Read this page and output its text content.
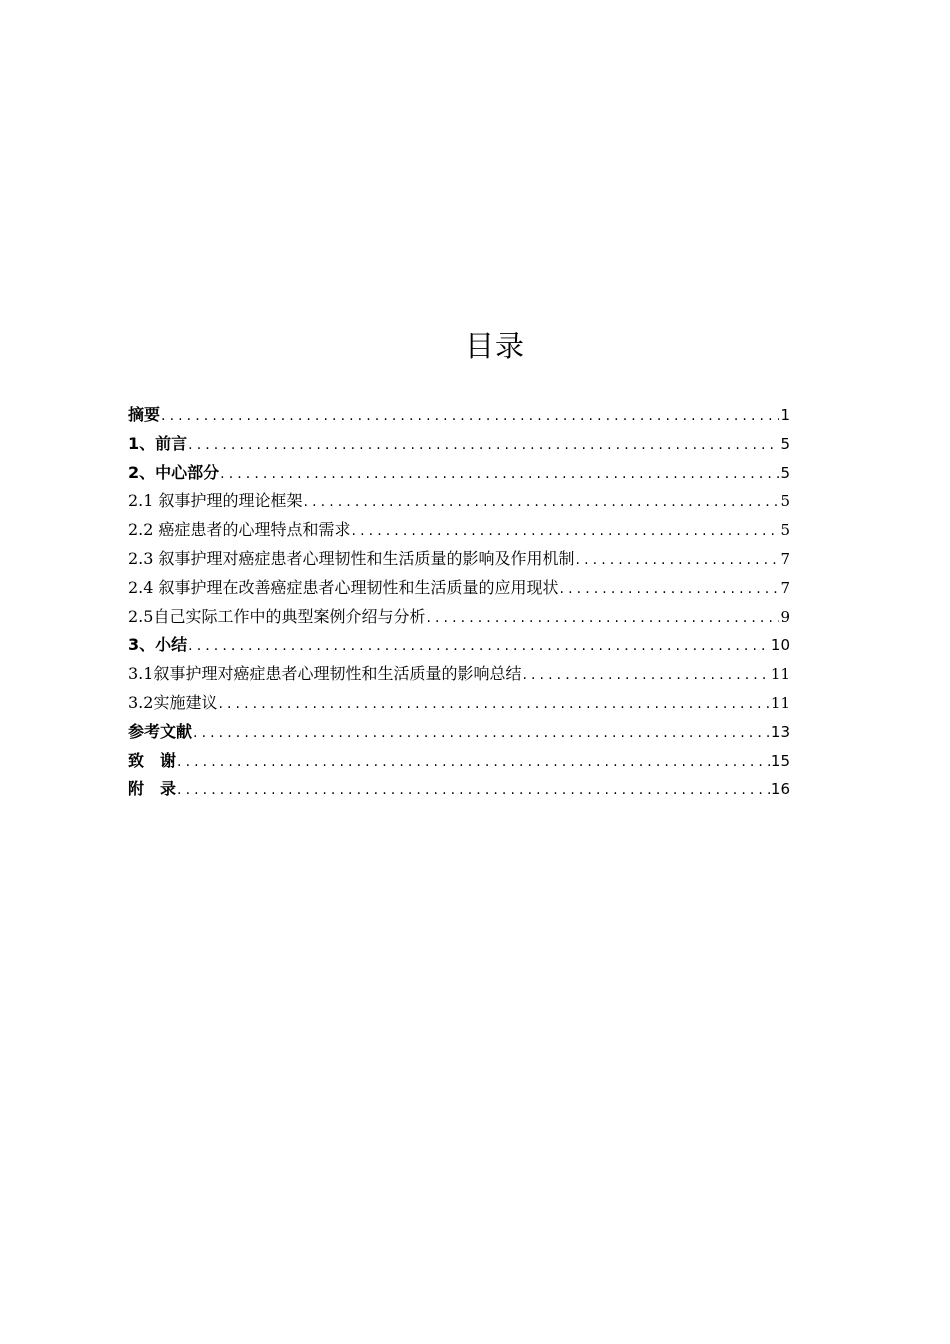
目录
摘要 .....	1
1、前言 .....	5
2、中心部分 .....	5
2.1 叙事护理的理论框架 .....	5
2.2 癌症患者的心理特点和需求 .....	5
2.3 叙事护理对癌症患者心理韧性和生活质量的影响及作用机制 .....	7
2.4 叙事护理在改善癌症患者心理韧性和生活质量的应用现状 .....	7
2.5自己实际工作中的典型案例介绍与分析 .....	9
3、小结 .....	10
3.1叙事护理对癌症患者心理韧性和生活质量的影响总结 .....	11
3.2实施建议 .....	11
参考文献 .....	13
致　谢 .....	15
附　录 .....	16
